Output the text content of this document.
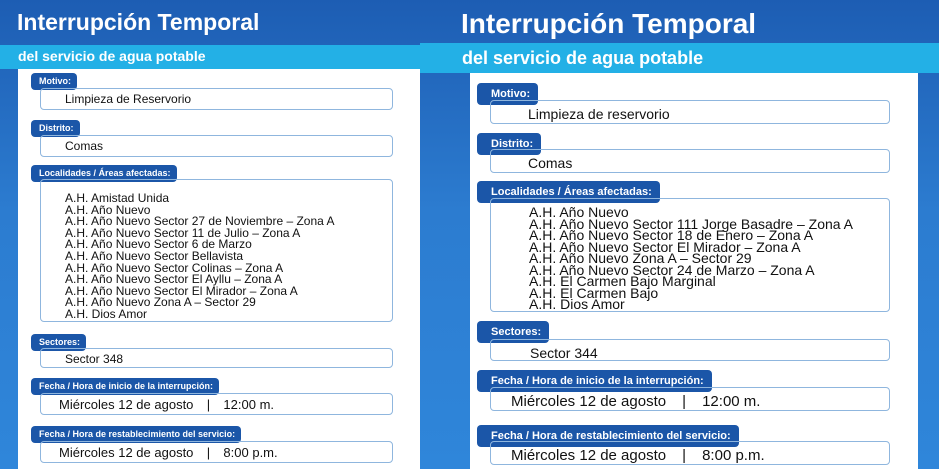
Interrupción Temporal
del servicio de agua potable
Motivo:
Limpieza de Reservorio
Distrito:
Comas
Localidades / Áreas afectadas:
A.H. Amistad Unida
A.H. Año Nuevo
A.H. Año Nuevo Sector 27 de Noviembre – Zona A
A.H. Año Nuevo Sector 11 de Julio – Zona A
A.H. Año Nuevo Sector 6 de Marzo
A.H. Año Nuevo Sector Bellavista
A.H. Año Nuevo Sector Colinas – Zona A
A.H. Año Nuevo Sector El Ayllu – Zona A
A.H. Año Nuevo Sector El Mirador – Zona A
A.H. Año Nuevo Zona A – Sector 29
A.H. Dios Amor
Sectores:
Sector 348
Fecha / Hora de inicio de la interrupción:
Miércoles 12 de agosto | 12:00 m.
Fecha / Hora de restablecimiento del servicio:
Miércoles 12 de agosto | 8:00 p.m.
Interrupción Temporal
del servicio de agua potable
Motivo:
Limpieza de reservorio
Distrito:
Comas
Localidades / Áreas afectadas:
A.H. Año Nuevo
A.H. Año Nuevo Sector 111 Jorge Basadre – Zona A
A.H. Año Nuevo Sector 18 de Enero – Zona A
A.H. Año Nuevo Sector El Mirador – Zona A
A.H. Año Nuevo Zona A – Sector 29
A.H. Año Nuevo Sector 24 de Marzo – Zona A
A.H. El Carmen Bajo Marginal
A.H. El Carmen Bajo
A.H. Dios Amor
Sectores:
Sector 344
Fecha / Hora de inicio de la interrupción:
Miércoles 12 de agosto | 12:00 m.
Fecha / Hora de restablecimiento del servicio:
Miércoles 12 de agosto | 8:00 p.m.
